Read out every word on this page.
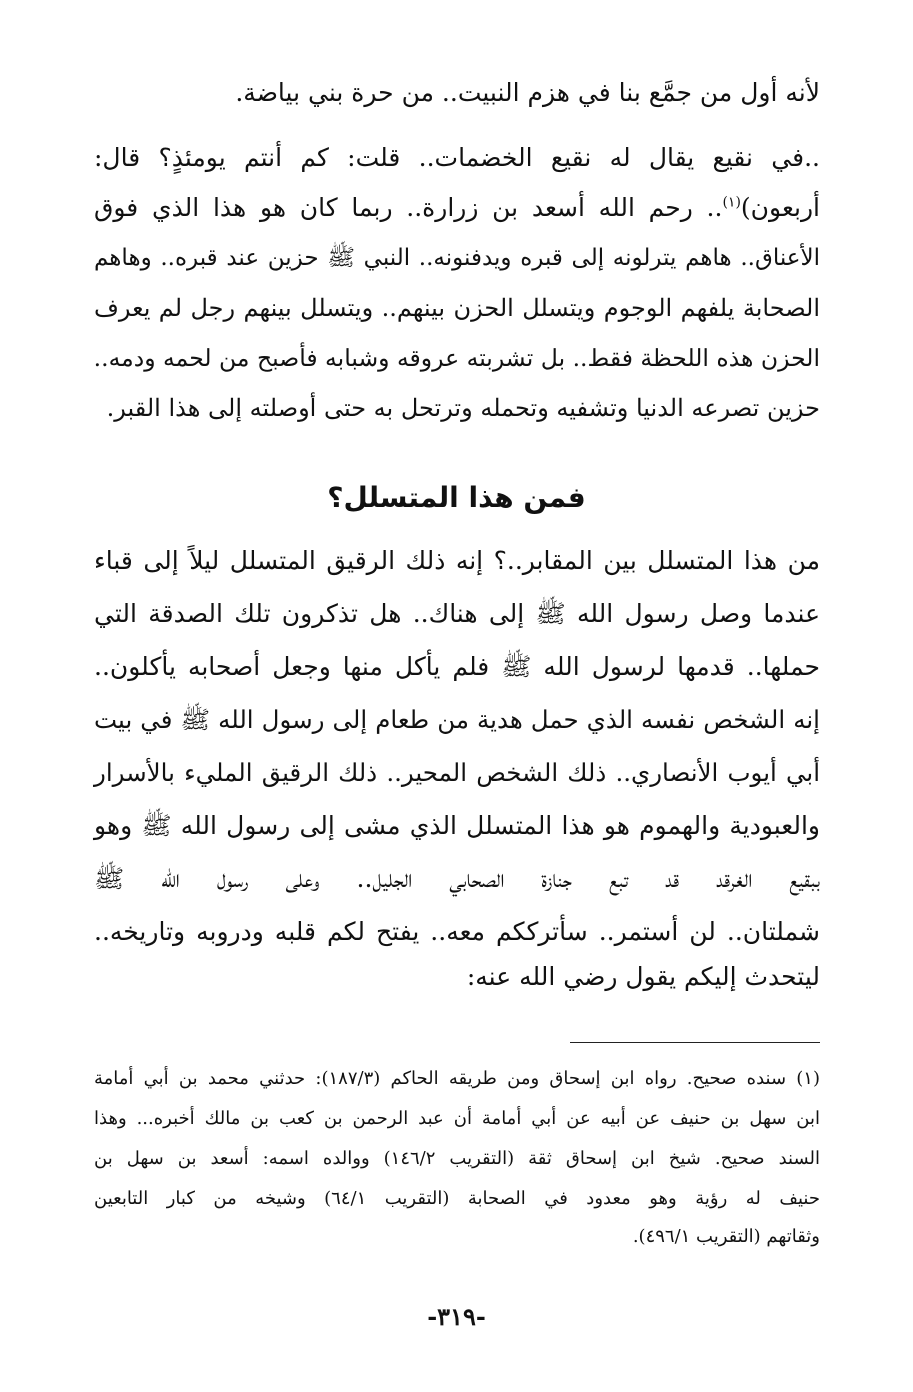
لأنه أول من جمَّع بنا في هزم النبيت.. من حرة بني بياضة.
..في نقيع يقال له نقيع الخضمات.. قلت: كم أنتم يومئذٍ؟ قال:
أربعون)$^{(١)}$.. رحم الله أسعد بن زرارة.. ربما كان هو هذا الذي فوق
الأعناق.. هاهم يترلونه إلى قبره ويدفنونه.. النبي ﷺ حزين عند قبره.. وهاهم
الصحابة يلفهم الوجوم ويتسلل الحزن بينهم.. ويتسلل بينهم رجل لم يعرف
الحزن هذه اللحظة فقط.. بل تشربته عروقه وشبابه فأصبح من لحمه ودمه..
حزين تصرعه الدنيا وتشفيه وتحمله وترتحل به حتى أوصلته إلى هذا القبر.
فمن هذا المتسلل؟
من هذا المتسلل بين المقابر..؟ إنه ذلك الرقيق المتسلل ليلاً إلى قباء
عندما وصل رسول الله ﷺ إلى هناك.. هل تذكرون تلك الصدقة التي
حملها.. قدمها لرسول الله ﷺ فلم يأكل منها وجعل أصحابه يأكلون..
إنه الشخص نفسه الذي حمل هدية من طعام إلى رسول الله ﷺ في بيت
أبي أيوب الأنصاري.. ذلك الشخص المحير.. ذلك الرقيق المليء بالأسرار
والعبودية والهموم هو هذا المتسلل الذي مشى إلى رسول الله ﷺ وهو
ببقيع الغرقد قد تبع جنازة الصحابي الجليل.. وعلى رسول الله ﷺ
شملتان.. لن أستمر.. سأترككم معه.. يفتح لكم قلبه ودروبه وتاريخه..
ليتحدث إليكم يقول رضي الله عنه:
(١) سنده صحيح. رواه ابن إسحاق ومن طريقه الحاكم (١٨٧/٣): حدثني محمد بن أبي أمامة
ابن سهل بن حنيف عن أبيه عن أبي أمامة أن عبد الرحمن بن كعب بن مالك أخبره... وهذا
السند صحيح. شيخ ابن إسحاق ثقة (التقريب ١٤٦/٢) ووالده اسمه: أسعد بن سهل بن
حنيف له رؤية وهو معدود في الصحابة (التقريب ٦٤/١) وشيخه من كبار التابعين
وثقاتهم (التقريب ٤٩٦/١).
-٣١٩-
